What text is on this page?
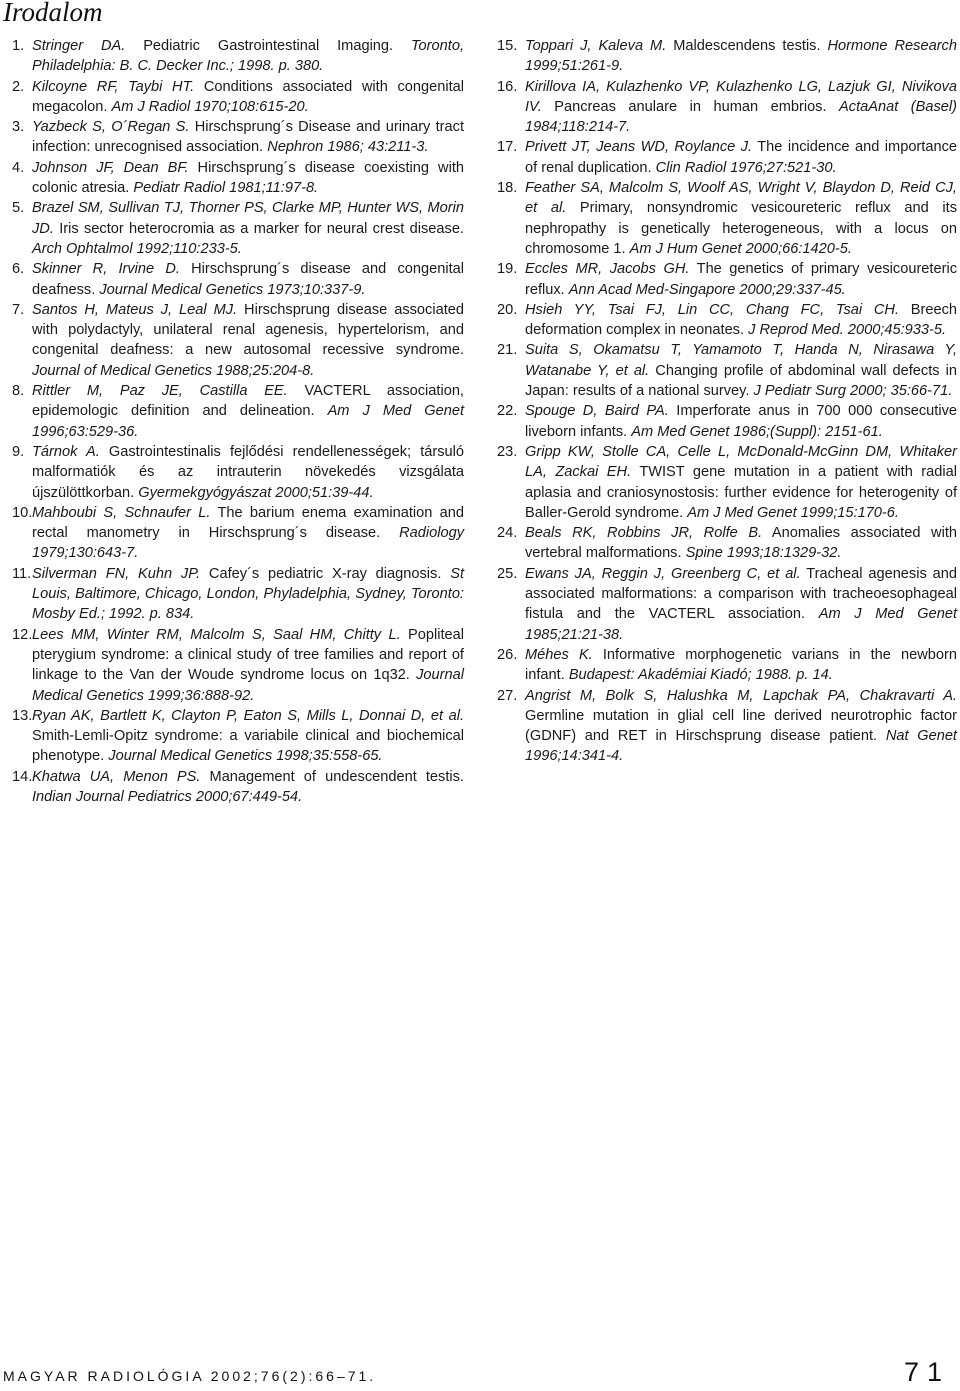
Irodalom
1. Stringer DA. Pediatric Gastrointestinal Imaging. Toronto, Philadelphia: B. C. Decker Inc.; 1998. p. 380.
2. Kilcoyne RF, Taybi HT. Conditions associated with congenital megacolon. Am J Radiol 1970;108:615-20.
3. Yazbeck S, O´Regan S. Hirschsprung´s Disease and urinary tract infection: unrecognised association. Nephron 1986; 43:211-3.
4. Johnson JF, Dean BF. Hirschsprung´s disease coexisting with colonic atresia. Pediatr Radiol 1981;11:97-8.
5. Brazel SM, Sullivan TJ, Thorner PS, Clarke MP, Hunter WS, Morin JD. Iris sector heterocromia as a marker for neural crest disease. Arch Ophtalmol 1992;110:233-5.
6. Skinner R, Irvine D. Hirschsprung´s disease and congenital deafness. Journal Medical Genetics 1973;10:337-9.
7. Santos H, Mateus J, Leal MJ. Hirschsprung disease associated with polydactyly, unilateral renal agenesis, hypertelorism, and congenital deafness: a new autosomal recessive syndrome. Journal of Medical Genetics 1988;25:204-8.
8. Rittler M, Paz JE, Castilla EE. VACTERL association, epidemologic definition and delineation. Am J Med Genet 1996;63:529-36.
9. Tárnok A. Gastrointestinalis fejlődési rendellenességek; társuló malformatiók és az intrauterin növekedés vizsgálata újszülöttkorban. Gyermekgyógyászat 2000;51:39-44.
10.
Mahboubi S, Schnaufer L. The barium enema examination and rectal manometry in Hirschsprung´s disease. Radiology 1979;130:643-7.
11.
Silverman FN, Kuhn JP. Cafey´s pediatric X-ray diagnosis. St Louis, Baltimore, Chicago, London, Phyladelphia, Sydney, Toronto: Mosby Ed.; 1992. p. 834.
12.
Lees MM, Winter RM, Malcolm S, Saal HM, Chitty L. Popliteal pterygium syndrome: a clinical study of tree families and report of linkage to the Van der Woude syndrome locus on 1q32. Journal Medical Genetics 1999;36:888-92.
13.
Ryan AK, Bartlett K, Clayton P, Eaton S, Mills L, Donnai D, et al. Smith-Lemli-Opitz syndrome: a variabile clinical and biochemical phenotype. Journal Medical Genetics 1998;35:558-65.
14.
Khatwa UA, Menon PS. Management of undescendent testis. Indian Journal Pediatrics 2000;67:449-54.
15. Toppari J, Kaleva M. Maldescendens testis. Hormone Research 1999;51:261-9.
16. Kirillova IA, Kulazhenko VP, Kulazhenko LG, Lazjuk GI, Nivikova IV. Pancreas anulare in human embrios. ActaAnat (Basel) 1984;118:214-7.
17. Privett JT, Jeans WD, Roylance J. The incidence and importance of renal duplication. Clin Radiol 1976;27:521-30.
18. Feather SA, Malcolm S, Woolf AS, Wright V, Blaydon D, Reid CJ, et al. Primary, nonsyndromic vesicoureteric reflux and its nephropathy is genetically heterogeneous, with a locus on chromosome 1. Am J Hum Genet 2000;66:1420-5.
19. Eccles MR, Jacobs GH. The genetics of primary vesicoureteric reflux. Ann Acad Med-Singapore 2000;29:337-45.
20. Hsieh YY, Tsai FJ, Lin CC, Chang FC, Tsai CH. Breech deformation complex in neonates. J Reprod Med. 2000;45:933-5.
21. Suita S, Okamatsu T, Yamamoto T, Handa N, Nirasawa Y, Watanabe Y, et al. Changing profile of abdominal wall defects in Japan: results of a national survey. J Pediatr Surg 2000; 35:66-71.
22. Spouge D, Baird PA. Imperforate anus in 700 000 consecutive liveborn infants. Am Med Genet 1986;(Suppl): 2151-61.
23. Gripp KW, Stolle CA, Celle L, McDonald-McGinn DM, Whitaker LA, Zackai EH. TWIST gene mutation in a patient with radial aplasia and craniosynostosis: further evidence for heterogenity of Baller-Gerold syndrome. Am J Med Genet 1999;15:170-6.
24. Beals RK, Robbins JR, Rolfe B. Anomalies associated with vertebral malformations. Spine 1993;18:1329-32.
25. Ewans JA, Reggin J, Greenberg C, et al. Tracheal agenesis and associated malformations: a comparison with tracheoesophageal fistula and the VACTERL association. Am J Med Genet 1985;21:21-38.
26. Méhes K. Informative morphogenetic varians in the newborn infant. Budapest: Akadémiai Kiadó; 1988. p. 14.
27. Angrist M, Bolk S, Halushka M, Lapchak PA, Chakravarti A. Germline mutation in glial cell line derived neurotrophic factor (GDNF) and RET in Hirschsprung disease patient. Nat Genet 1996;14:341-4.
MAGYAR RADIOLÓGIA 2002;76(2):66–71.	71
